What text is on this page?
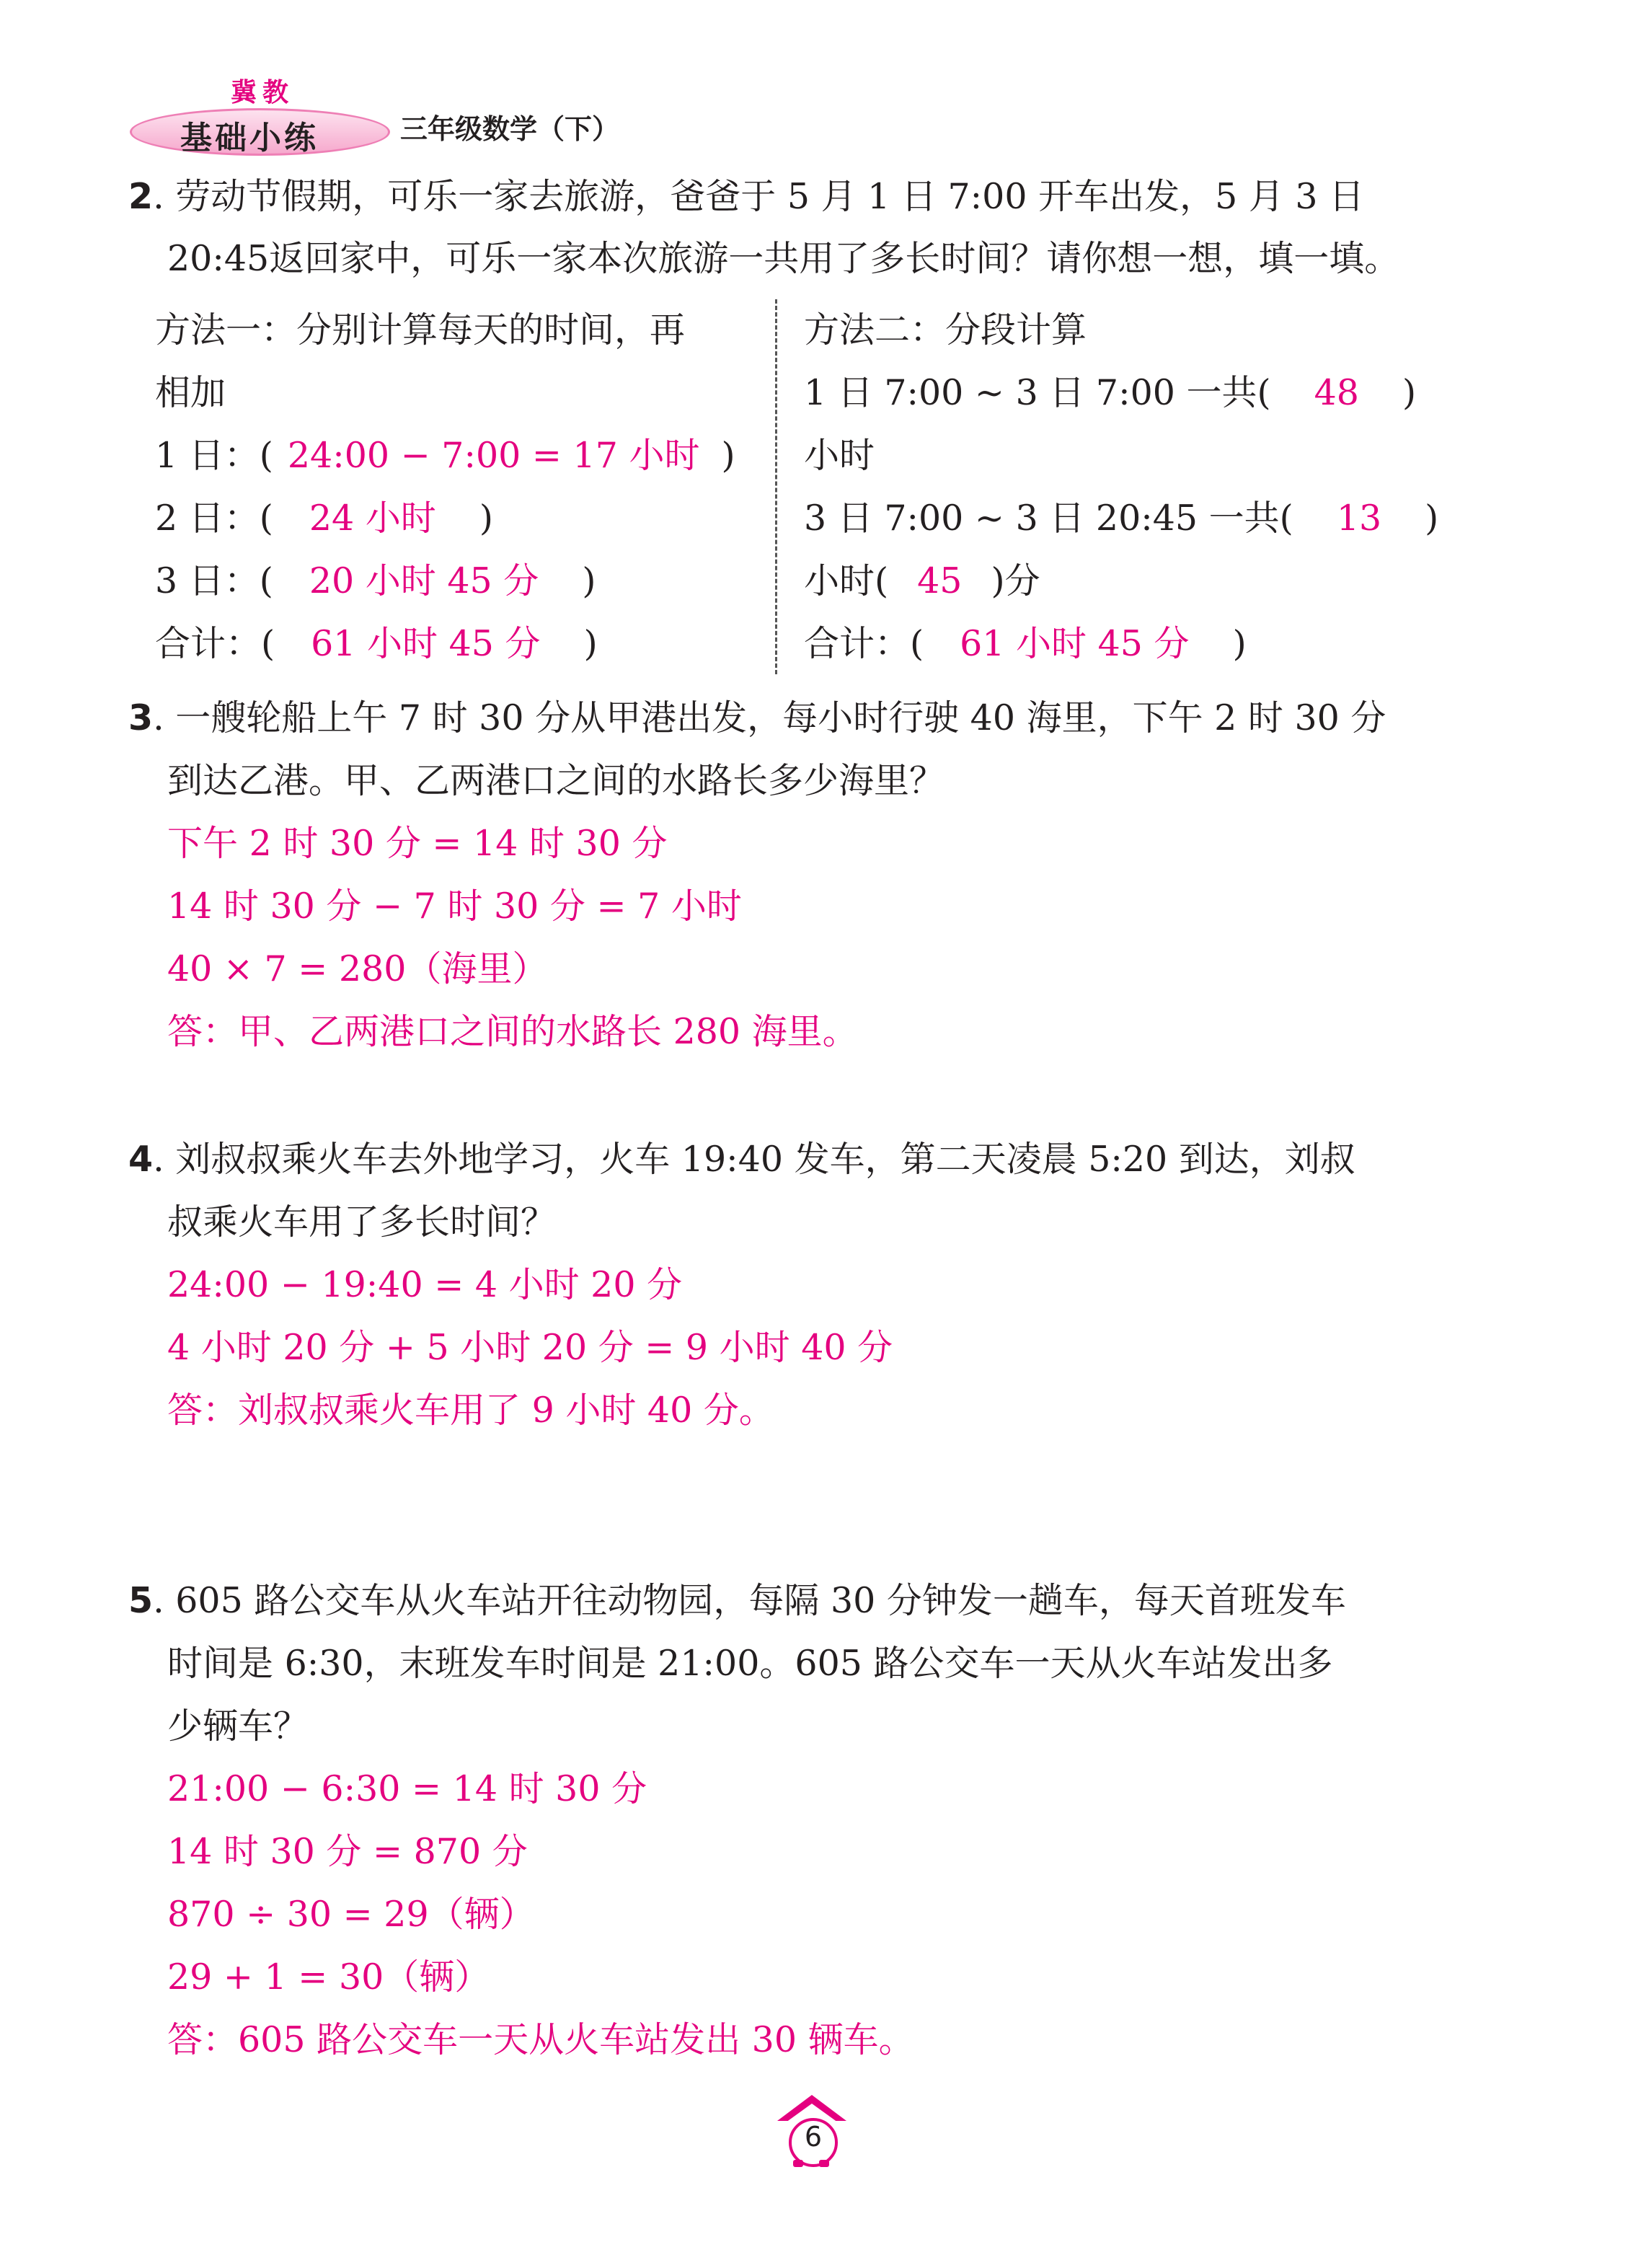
冀教
基础小练	三年级数学（下）
2. 劳动节假期，可乐一家去旅游，爸爸于 5 月 1 日 7:00 开车出发，5 月 3 日
20:45返回家中，可乐一家本次旅游一共用了多长时间？请你想一想，填一填。
方法一：分别计算每天的时间，再
相加
1 日：( 24:00 − 7:00 = 17 小时 )
2 日：( 24 小时 )
3 日：( 20 小时 45 分 )
合计：( 61 小时 45 分 )
方法二：分段计算
1 日 7:00 ~ 3 日 7:00 一共( 48 )
小时
3 日 7:00 ~ 3 日 20:45 一共( 13 )
小时( 45 )分
合计：( 61 小时 45 分 )
3. 一艘轮船上午 7 时 30 分从甲港出发，每小时行驶 40 海里，下午 2 时 30 分
到达乙港。甲、乙两港口之间的水路长多少海里？
下午 2 时 30 分 = 14 时 30 分
14 时 30 分 − 7 时 30 分 = 7 小时
40 × 7 = 280（海里）
答：甲、乙两港口之间的水路长 280 海里。
4. 刘叔叔乘火车去外地学习，火车 19:40 发车，第二天凌晨 5:20 到达，刘叔
叔乘火车用了多长时间？
24:00 − 19:40 = 4 小时 20 分
4 小时 20 分 + 5 小时 20 分 = 9 小时 40 分
答：刘叔叔乘火车用了 9 小时 40 分。
5. 605 路公交车从火车站开往动物园，每隔 30 分钟发一趟车，每天首班发车
时间是 6:30，末班发车时间是 21:00。605 路公交车一天从火车站发出多
少辆车？
21:00 − 6:30 = 14 时 30 分
14 时 30 分 = 870 分
870 ÷ 30 = 29（辆）
29 + 1 = 30（辆）
答：605 路公交车一天从火车站发出 30 辆车。
6
